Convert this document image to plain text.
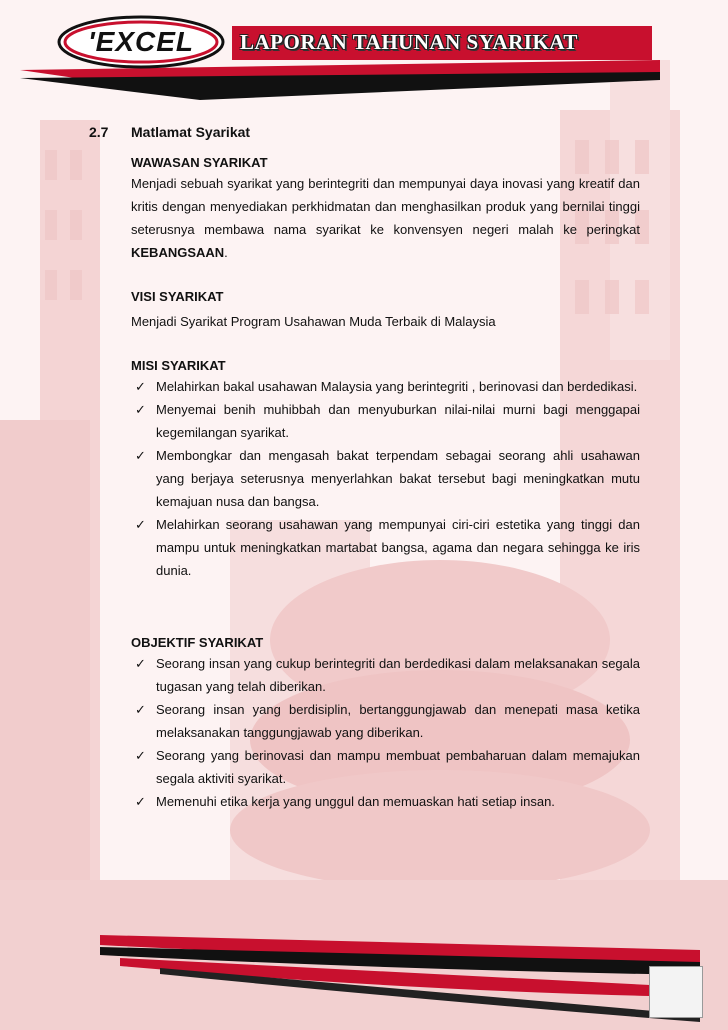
'EXCEL	LAPORAN TAHUNAN SYARIKAT
2.7 Matlamat Syarikat
WAWASAN SYARIKAT
Menjadi sebuah syarikat yang berintegriti dan mempunyai daya inovasi yang kreatif dan kritis dengan menyediakan perkhidmatan dan menghasilkan produk yang bernilai tinggi seterusnya membawa nama syarikat ke konvensyen negeri malah ke peringkat KEBANGSAAN.
VISI SYARIKAT
Menjadi Syarikat Program Usahawan Muda Terbaik di Malaysia
MISI SYARIKAT
✓ Melahirkan bakal usahawan Malaysia yang berintegriti , berinovasi dan berdedikasi.
✓ Menyemai benih muhibbah dan menyuburkan nilai-nilai murni bagi menggapai kegemilangan syarikat.
✓ Membongkar dan mengasah bakat terpendam sebagai seorang ahli usahawan yang berjaya seterusnya menyerlahkan bakat tersebut bagi meningkatkan mutu kemajuan nusa dan bangsa.
✓ Melahirkan seorang usahawan yang mempunyai ciri-ciri estetika yang tinggi dan mampu untuk meningkatkan martabat bangsa, agama dan negara sehingga ke iris dunia.
OBJEKTIF SYARIKAT
✓ Seorang insan yang cukup berintegriti dan berdedikasi dalam melaksanakan segala tugasan yang telah diberikan.
✓ Seorang insan yang berdisiplin, bertanggungjawab dan menepati masa ketika melaksanakan tanggungjawab yang diberikan.
✓ Seorang yang berinovasi dan mampu membuat pembaharuan dalam memajukan segala aktiviti syarikat.
✓ Memenuhi etika kerja yang unggul dan memuaskan hati setiap insan.
